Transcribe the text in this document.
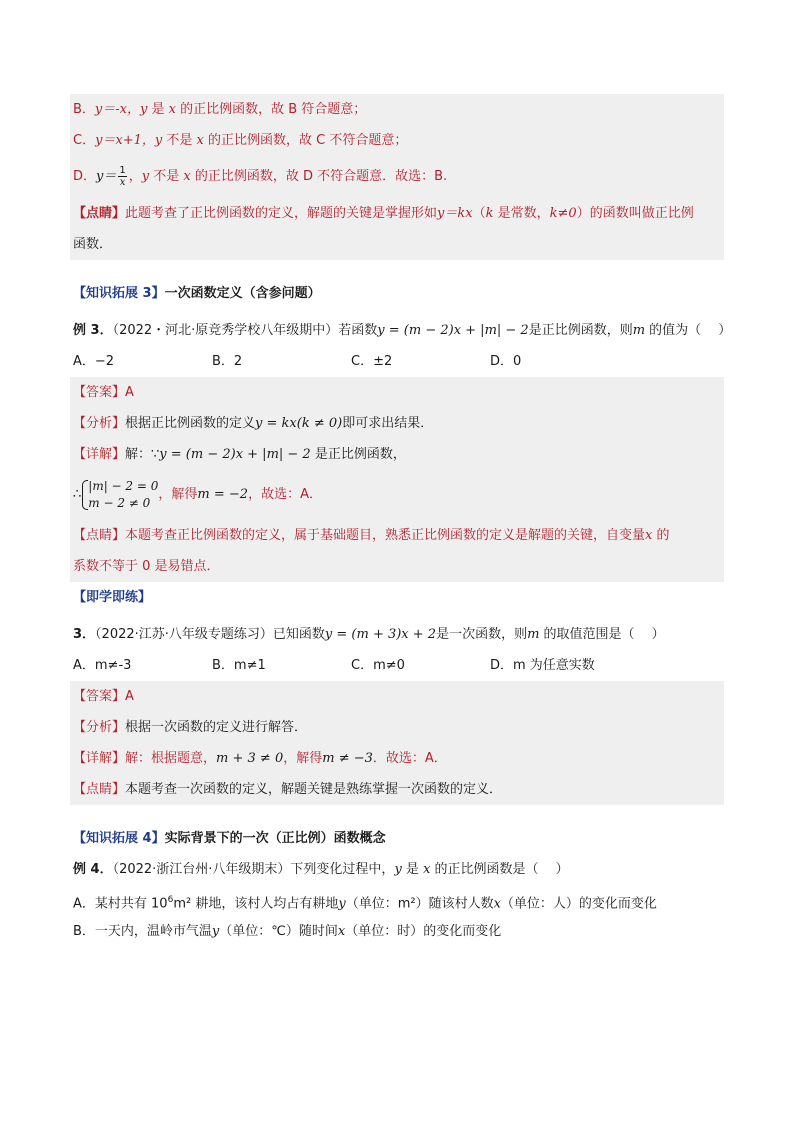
B．y＝-x，y 是 x 的正比例函数，故 B 符合题意；
C．y＝x+1，y 不是 x 的正比例函数，故 C 不符合题意；
D．$y= \frac{1}{x}$ ，y 不是 x 的正比例函数，故 D 不符合题意．故选：B.
【点睛】此题考查了正比例函数的定义，解题的关键是掌握形如y＝kx（k 是常数，k≠0）的函数叫做正比例
函数．
【知识拓展 3】一次函数定义（含参问题）
例 3．（2022・河北·原竞秀学校八年级期中）若函数y = (m − 2)x + |m| − 2是正比例函数，则m 的值为（　 ）
A．−2	B．2	C．±2	D．0
【答案】A
【分析】根据正比例函数的定义y = kx(k ≠ 0)即可求出结果．
【详解】解：∵y = (m − 2)x + |m| − 2 是正比例函数，
∴
|m| − 2 = 0
m − 2 ≠ 0
，解得m = −2，故选：A．
【点睛】本题考查正比例函数的定义，属于基础题目，熟悉正比例函数的定义是解题的关键，自变量x 的
系数不等于 0 是易错点．
【即学即练】
3．（2022·江苏·八年级专题练习）已知函数y = (m + 3)x + 2是一次函数，则m 的取值范围是（　 ）
A．m≠-3	B．m≠1	C．m≠0	D．m 为任意实数
【答案】A
【分析】根据一次函数的定义进行解答．
【详解】解：根据题意，m + 3 ≠ 0，解得m ≠ −3．故选：A．
【点睛】本题考查一次函数的定义，解题关键是熟练掌握一次函数的定义．
【知识拓展 4】实际背景下的一次（正比例）函数概念
例 4．（2022·浙江台州·八年级期末）下列变化过程中，y 是 x 的正比例函数是（　 ）
A．某村共有 $10^6m^2$ 耕地，该村人均占有耕地y（单位：m²）随该村人数x（单位：人）的变化而变化
B．一天内，温岭市气温y（单位：℃）随时间x（单位：时）的变化而变化
